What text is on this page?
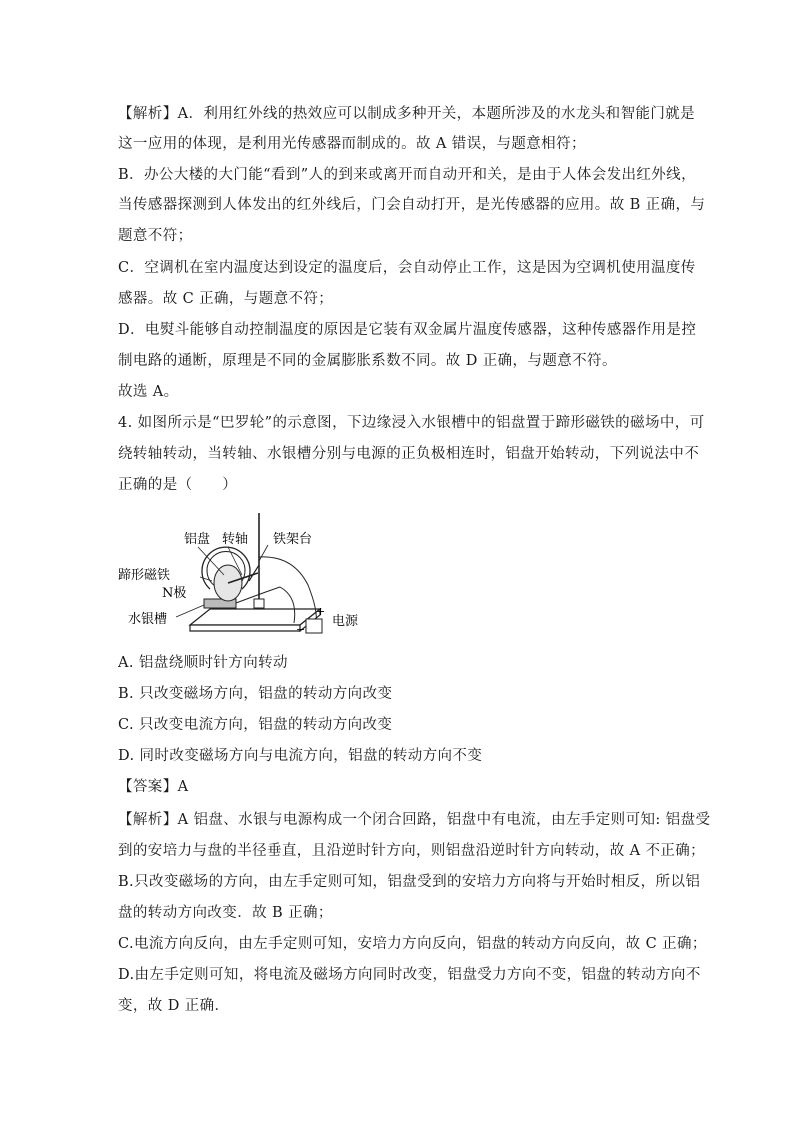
【解析】A．利用红外线的热效应可以制成多种开关，本题所涉及的水龙头和智能门就是
这一应用的体现，是利用光传感器而制成的。故 A 错误，与题意相符；
B．办公大楼的大门能“看到”人的到来或离开而自动开和关，是由于人体会发出红外线，
当传感器探测到人体发出的红外线后，门会自动打开，是光传感器的应用。故 B 正确，与
题意不符；
C．空调机在室内温度达到设定的温度后，会自动停止工作，这是因为空调机使用温度传
感器。故 C 正确，与题意不符；
D．电熨斗能够自动控制温度的原因是它装有双金属片温度传感器，这种传感器作用是控
制电路的通断，原理是不同的金属膨胀系数不同。故 D 正确，与题意不符。
故选 A。
4. 如图所示是“巴罗轮”的示意图，下边缘浸入水银槽中的铝盘置于蹄形磁铁的磁场中，可
绕转轴转动，当转轴、水银槽分别与电源的正负极相连时，铝盘开始转动，下列说法中不
正确的是（　　）
+
−
铝盘 转轴 铁架台
蹄形磁铁
N极
水银槽	电源
A. 铝盘绕顺时针方向转动
B. 只改变磁场方向，铝盘的转动方向改变
C. 只改变电流方向，铝盘的转动方向改变
D. 同时改变磁场方向与电流方向，铝盘的转动方向不变
【答案】A
【解析】A 铝盘、水银与电源构成一个闭合回路，铝盘中有电流，由左手定则可知: 铝盘受
到的安培力与盘的半径垂直，且沿逆时针方向，则铝盘沿逆时针方向转动，故 A 不正确；
B.只改变磁场的方向，由左手定则可知，铝盘受到的安培力方向将与开始时相反，所以铝
盘的转动方向改变．故 B 正确；
C.电流方向反向，由左手定则可知，安培力方向反向，铝盘的转动方向反向，故 C 正确；
D.由左手定则可知，将电流及磁场方向同时改变，铝盘受力方向不变，铝盘的转动方向不
变，故 D 正确．
